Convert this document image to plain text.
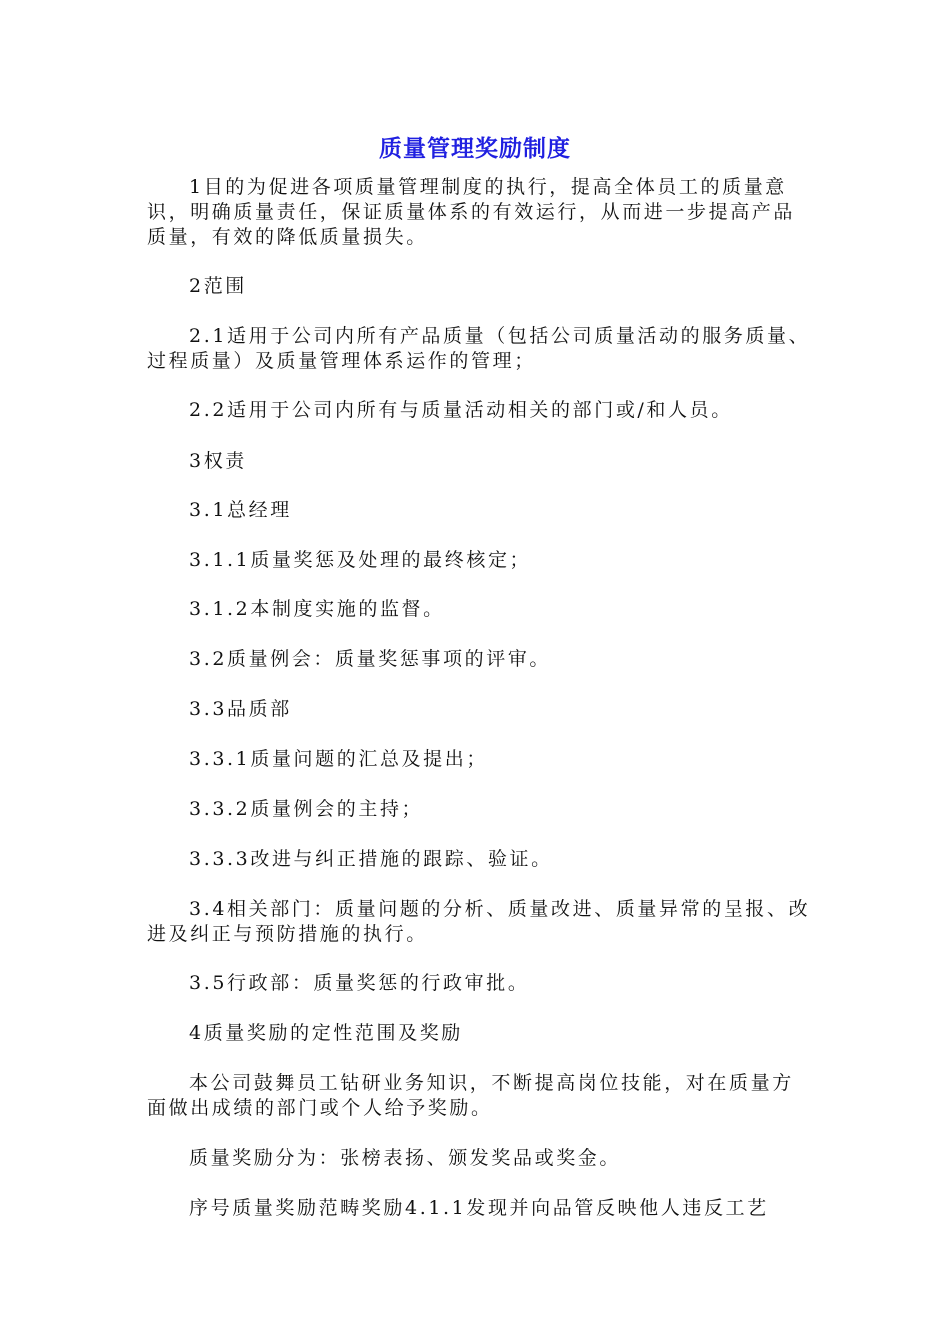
质量管理奖励制度

1目的为促进各项质量管理制度的执行，提高全体员工的质量意识，明确质量责任，保证质量体系的有效运行，从而进一步提高产品质量，有效的降低质量损失。

2范围

2.1适用于公司内所有产品质量（包括公司质量活动的服务质量、过程质量）及质量管理体系运作的管理；

2.2适用于公司内所有与质量活动相关的部门或/和人员。

3权责

3.1总经理

3.1.1质量奖惩及处理的最终核定；

3.1.2本制度实施的监督。

3.2质量例会：质量奖惩事项的评审。

3.3品质部

3.3.1质量问题的汇总及提出；

3.3.2质量例会的主持；

3.3.3改进与纠正措施的跟踪、验证。

3.4相关部门：质量问题的分析、质量改进、质量异常的呈报、改进及纠正与预防措施的执行。

3.5行政部：质量奖惩的行政审批。

4质量奖励的定性范围及奖励

本公司鼓舞员工钻研业务知识，不断提高岗位技能，对在质量方面做出成绩的部门或个人给予奖励。

质量奖励分为：张榜表扬、颁发奖品或奖金。

序号质量奖励范畴奖励4.1.1发现并向品管反映他人违反工艺
